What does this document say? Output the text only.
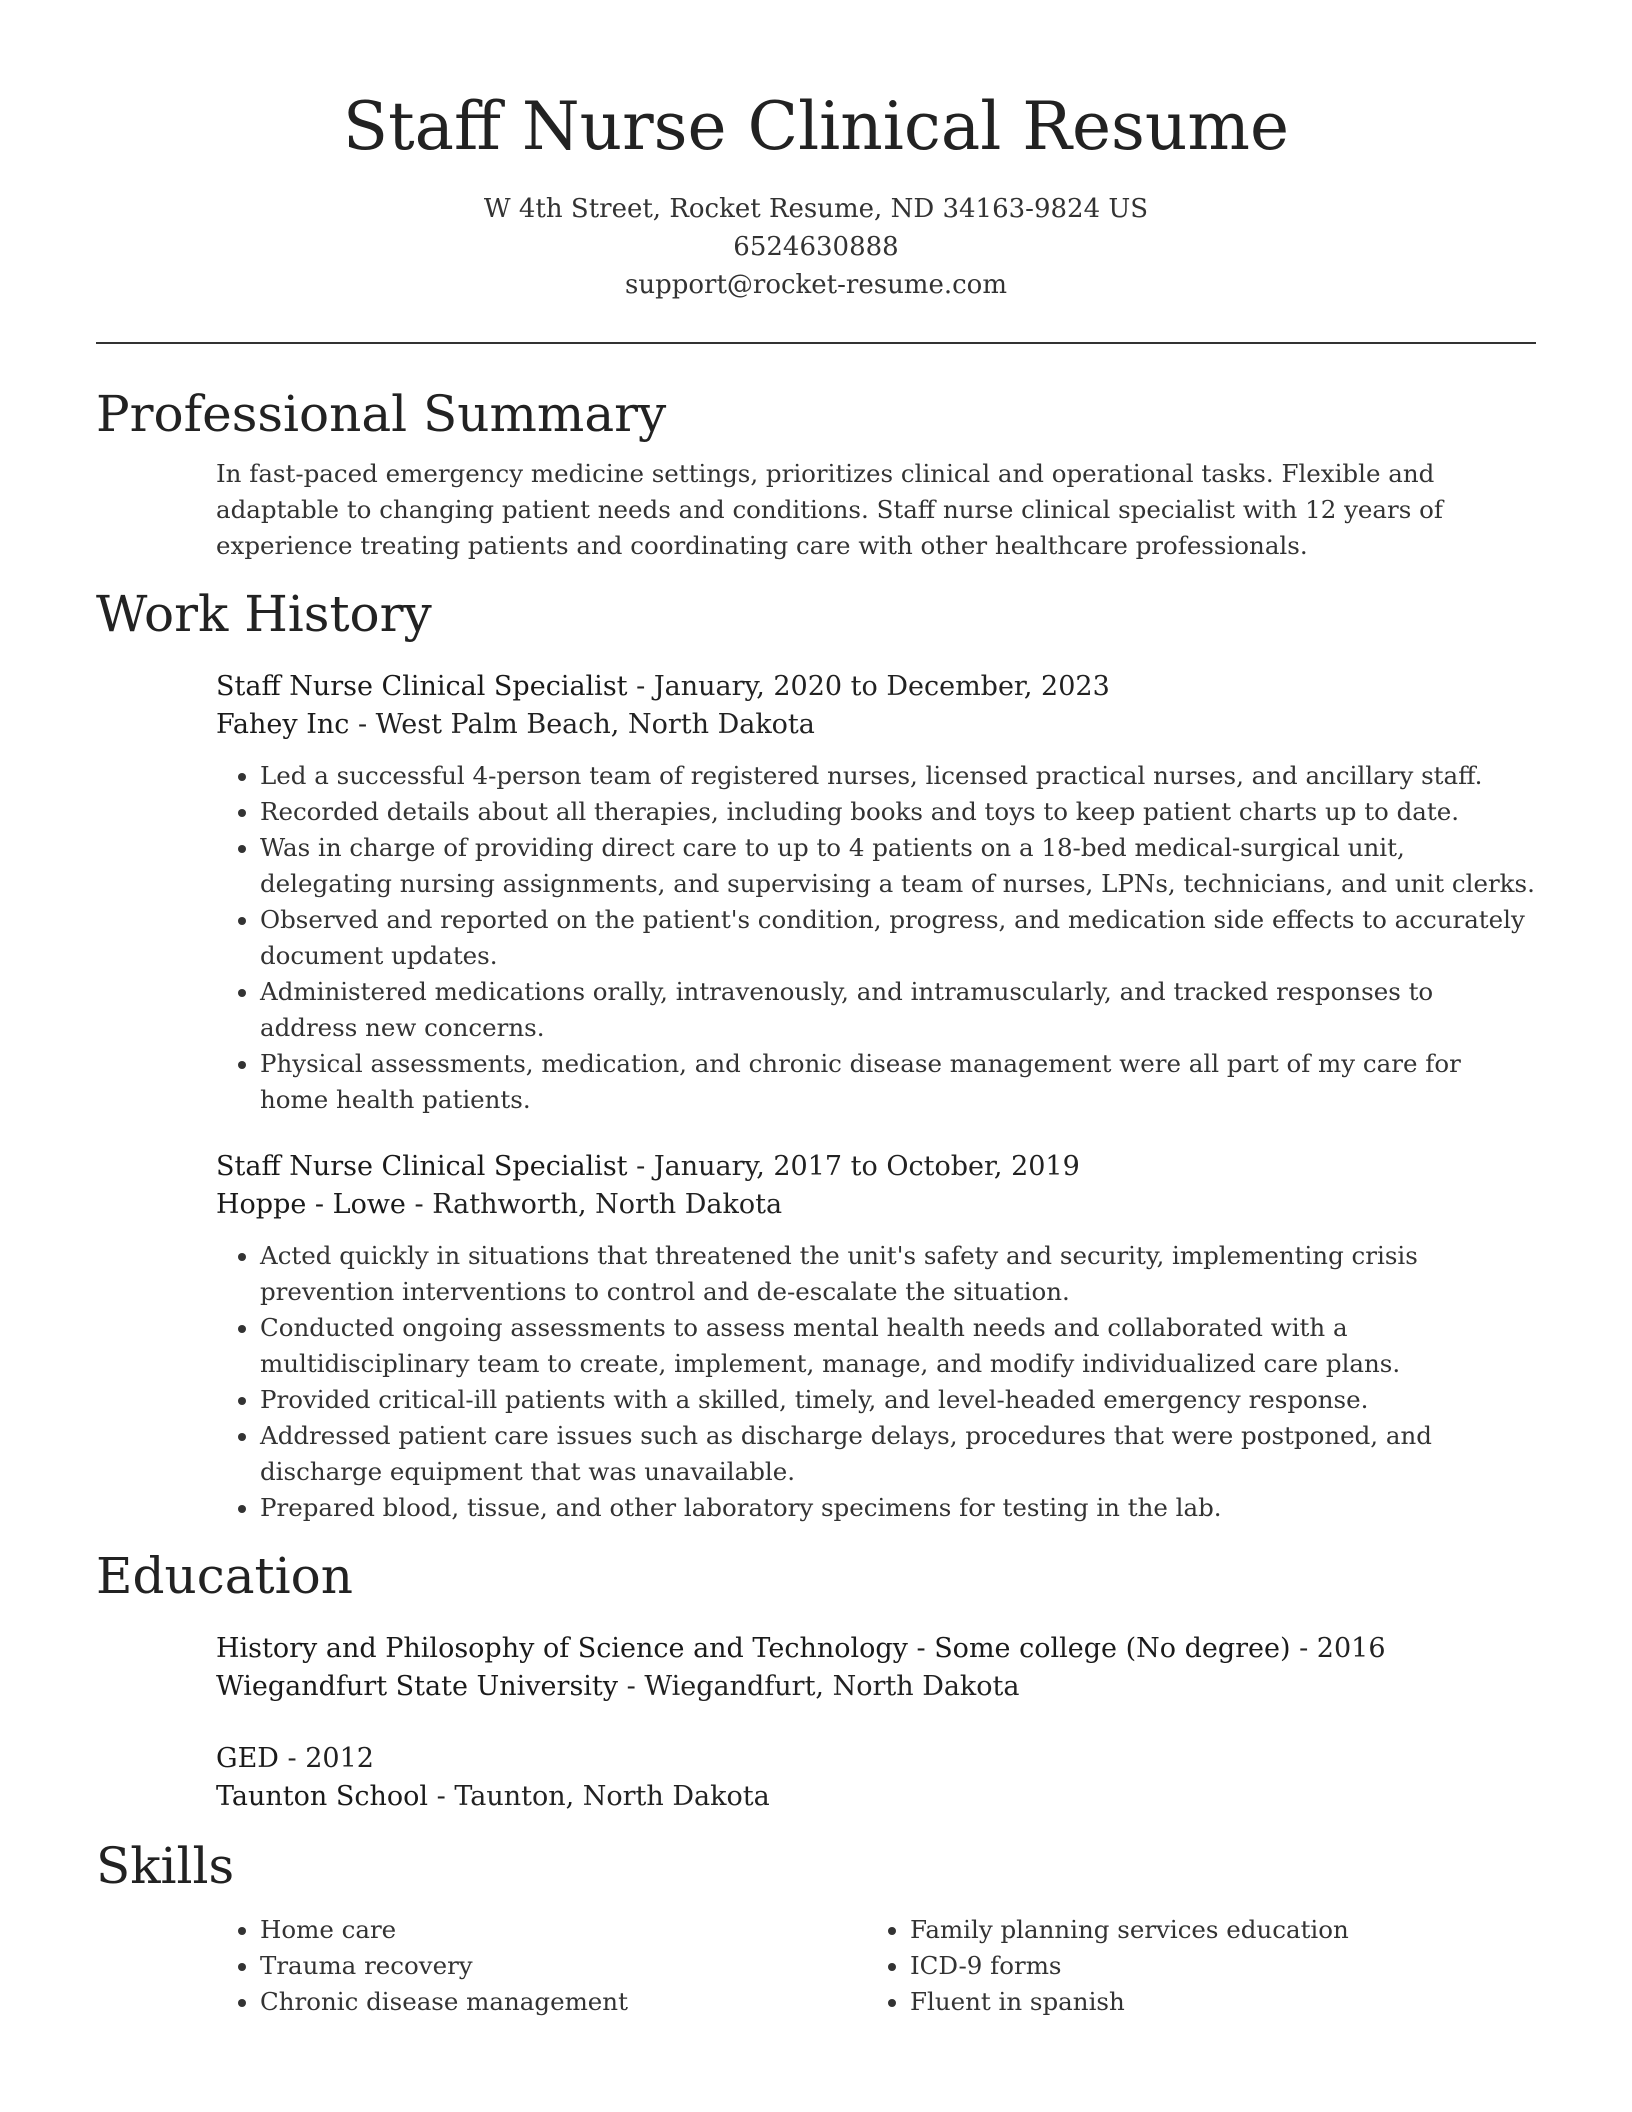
Staff Nurse Clinical Resume
W 4th Street, Rocket Resume, ND 34163-9824 US
6524630888
support@rocket-resume.com
Professional Summary

In fast-paced emergency medicine settings, prioritizes clinical and operational tasks. Flexible and adaptable to changing patient needs and conditions. Staff nurse clinical specialist with 12 years of experience treating patients and coordinating care with other healthcare professionals.

Work History
Staff Nurse Clinical Specialist - January, 2020 to December, 2023
Fahey Inc - West Palm Beach, North Dakota
• Led a successful 4-person team of registered nurses, licensed practical nurses, and ancillary staff.
• Recorded details about all therapies, including books and toys to keep patient charts up to date.
• Was in charge of providing direct care to up to 4 patients on a 18-bed medical-surgical unit, delegating nursing assignments, and supervising a team of nurses, LPNs, technicians, and unit clerks.
• Observed and reported on the patient's condition, progress, and medication side effects to accurately document updates.
• Administered medications orally, intravenously, and intramuscularly, and tracked responses to address new concerns.
• Physical assessments, medication, and chronic disease management were all part of my care for home health patients.
Staff Nurse Clinical Specialist - January, 2017 to October, 2019
Hoppe - Lowe - Rathworth, North Dakota
• Acted quickly in situations that threatened the unit's safety and security, implementing crisis prevention interventions to control and de-escalate the situation.
• Conducted ongoing assessments to assess mental health needs and collaborated with a multidisciplinary team to create, implement, manage, and modify individualized care plans.
• Provided critical-ill patients with a skilled, timely, and level-headed emergency response.
• Addressed patient care issues such as discharge delays, procedures that were postponed, and discharge equipment that was unavailable.
• Prepared blood, tissue, and other laboratory specimens for testing in the lab.
Education
History and Philosophy of Science and Technology - Some college (No degree) - 2016
Wiegandfurt State University - Wiegandfurt, North Dakota
GED - 2012
Taunton School - Taunton, North Dakota
Skills
• Home care
• Trauma recovery
• Chronic disease management
• Family planning services education
• ICD-9 forms
• Fluent in spanish
